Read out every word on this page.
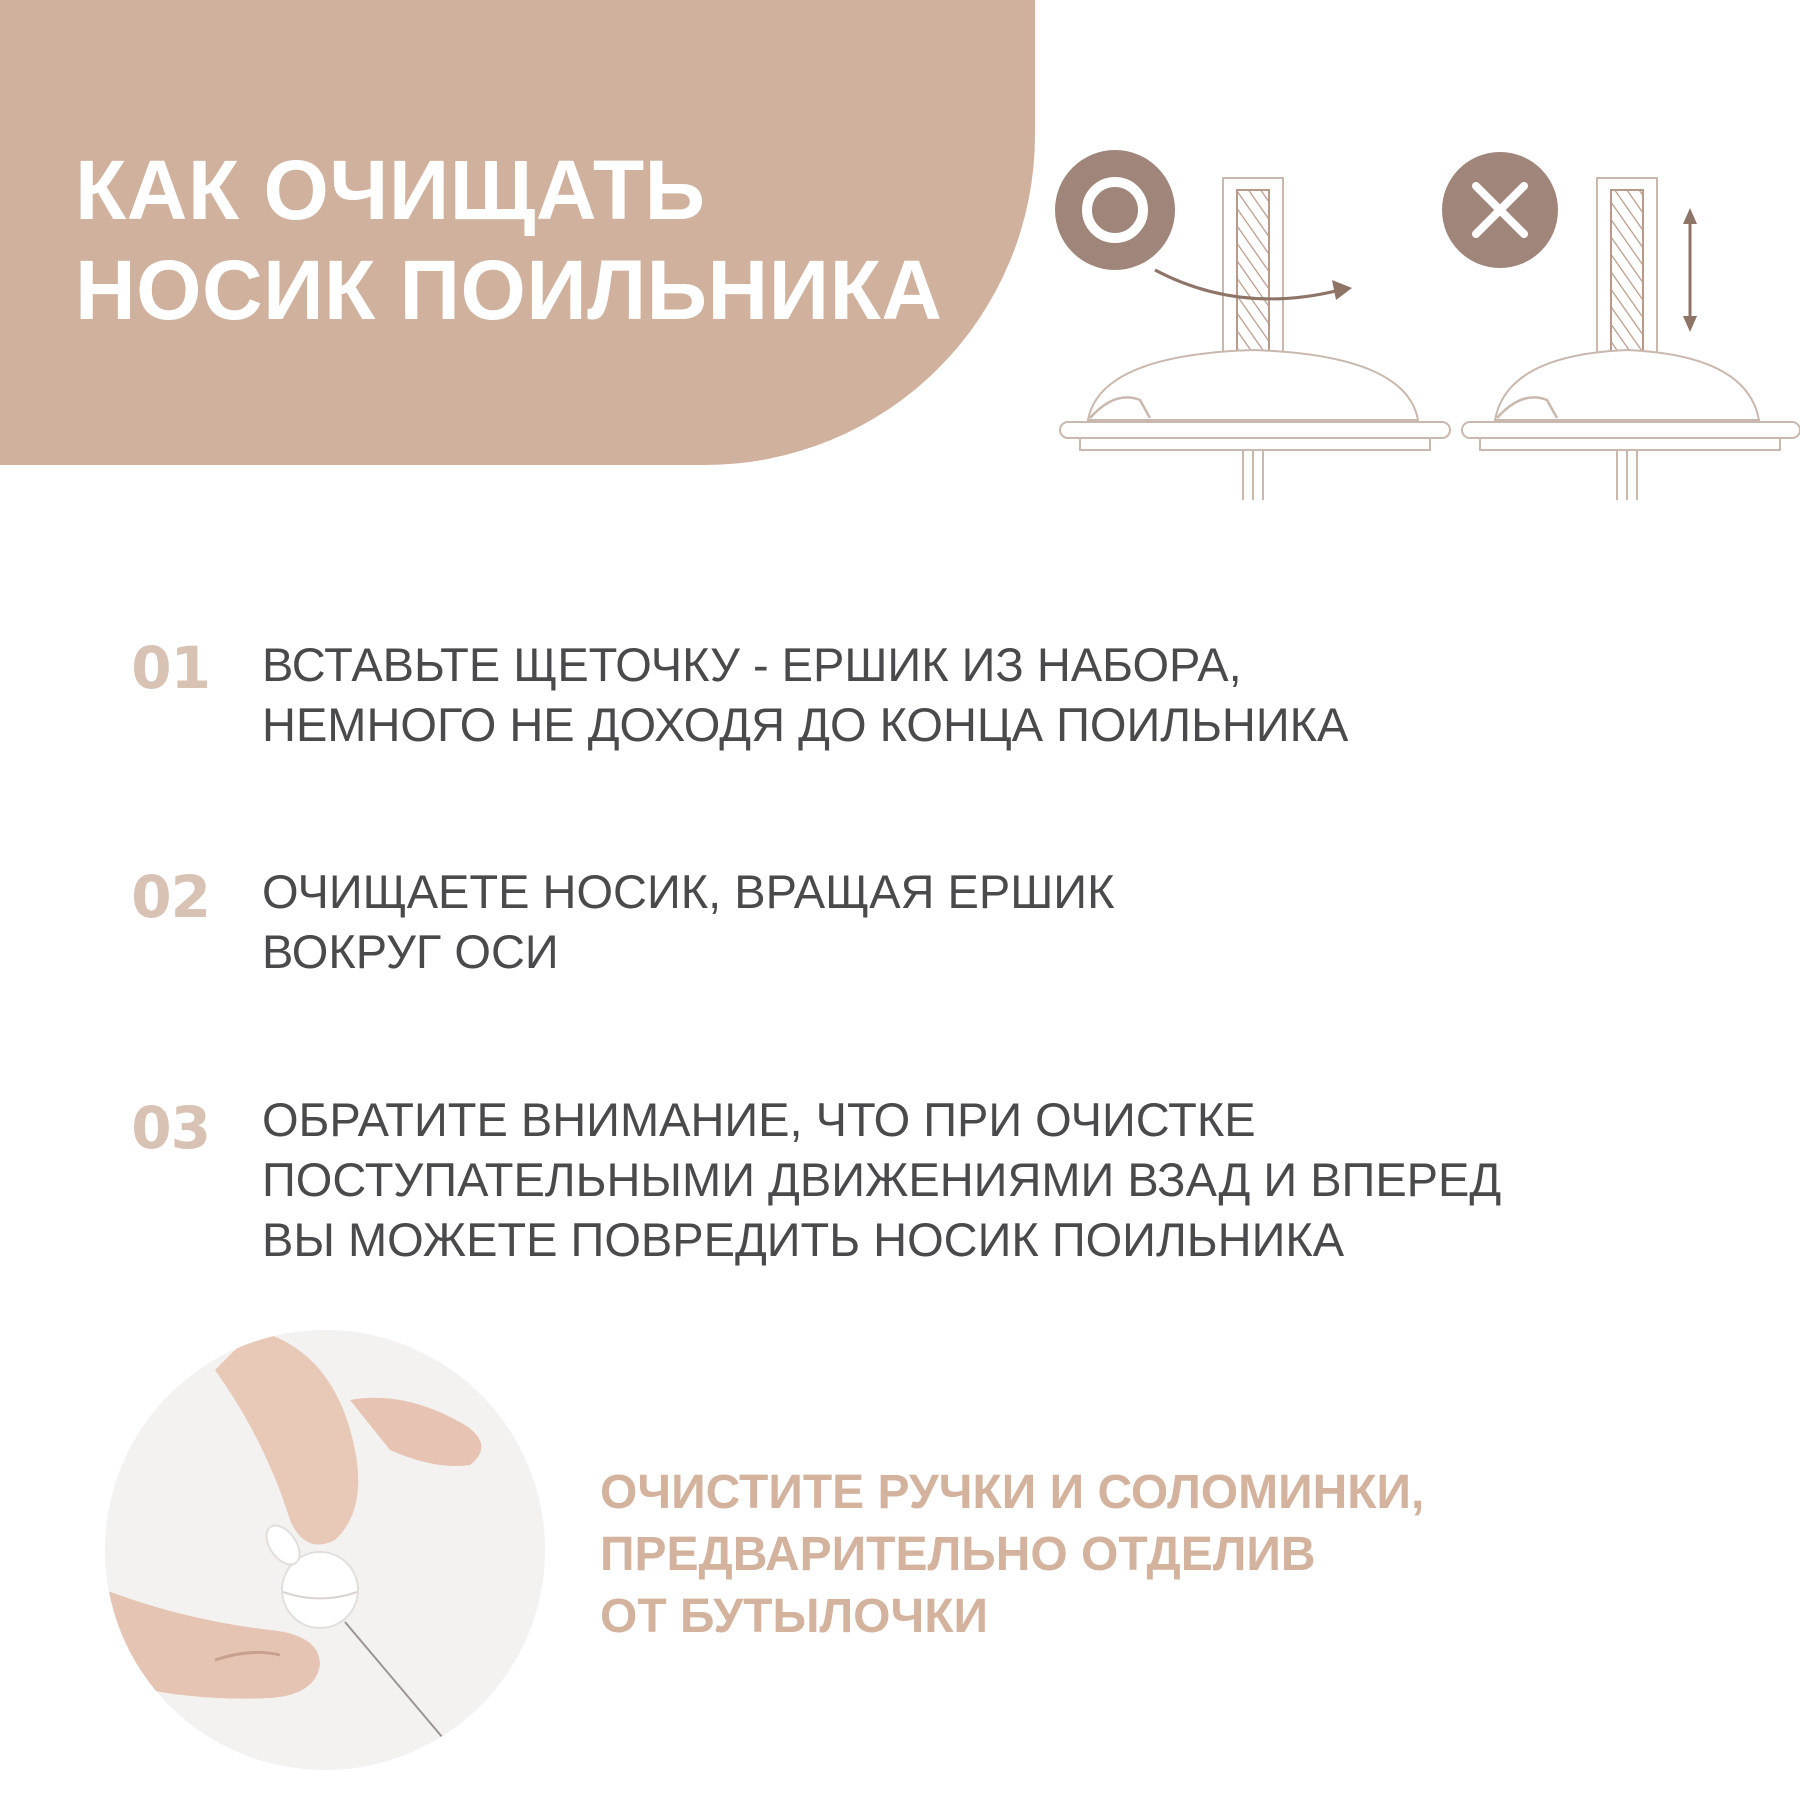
КАК ОЧИЩАТЬ
НОСИК ПОИЛЬНИКА
01 ВСТАВЬТЕ ЩЕТОЧКУ - ЕРШИК ИЗ НАБОРА,
НЕМНОГО НЕ ДОХОДЯ ДО КОНЦА ПОИЛЬНИКА

02 ОЧИЩАЕТЕ НОСИК, ВРАЩАЯ ЕРШИК
ВОКРУГ ОСИ

03 ОБРАТИТЕ ВНИМАНИЕ, ЧТО ПРИ ОЧИСТКЕ
ПОСТУПАТЕЛЬНЫМИ ДВИЖЕНИЯМИ ВЗАД И ВПЕРЕД
ВЫ МОЖЕТЕ ПОВРЕДИТЬ НОСИК ПОИЛЬНИКА

ОЧИСТИТЕ РУЧКИ И СОЛОМИНКИ,
ПРЕДВАРИТЕЛЬНО ОТДЕЛИВ
ОТ БУТЫЛОЧКИ
